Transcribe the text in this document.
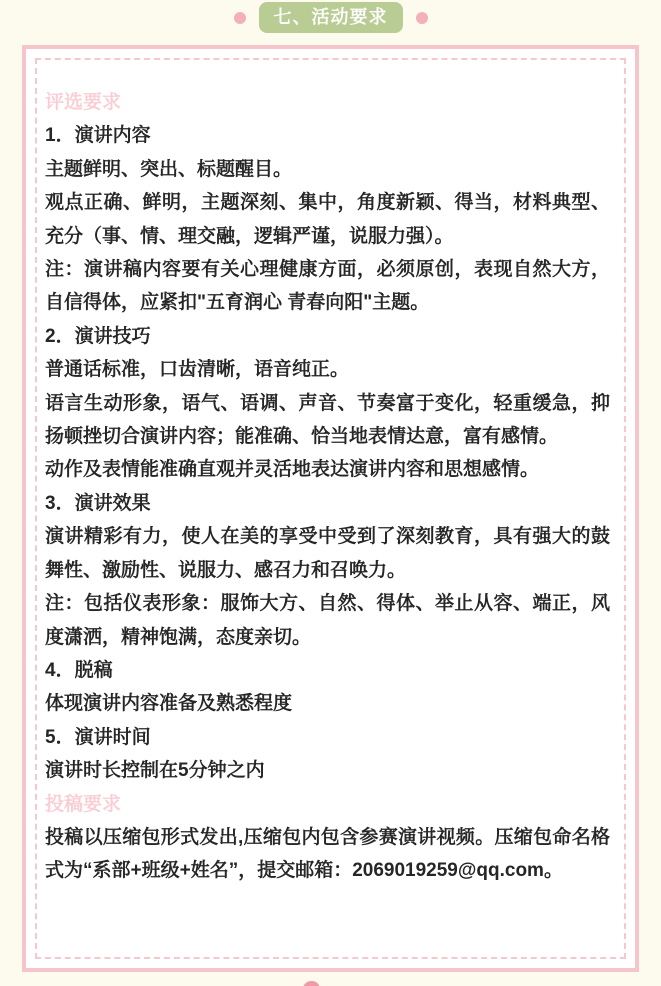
七、活动要求

评选要求

1．演讲内容

主题鲜明、突出、标题醒目。

观点正确、鲜明，主题深刻、集中，角度新颖、得当，材料典型、 充分（事、情、理交融，逻辑严谨，说服力强）。

注：演讲稿内容要有关心理健康方面，必须原创，表现自然大方，自信得体，应紧扣"五育润心 青春向阳"主题。

2．演讲技巧

普通话标准，口齿清晰，语音纯正。

语言生动形象，语气、语调、声音、节奏富于变化，轻重缓急，抑扬顿挫切合演讲内容；能准确、恰当地表情达意，富有感情。

动作及表情能准确直观并灵活地表达演讲内容和思想感情。

3．演讲效果

演讲精彩有力，使人在美的享受中受到了深刻教育，具有强大的鼓舞性、激励性、说服力、感召力和召唤力。

注：包括仪表形象：服饰大方、自然、得体、举止从容、端正，风度潇洒，精神饱满，态度亲切。

4．脱稿

体现演讲内容准备及熟悉程度

5．演讲时间

演讲时长控制在5分钟之内

投稿要求

投稿以压缩包形式发出,压缩包内包含参赛演讲视频。压缩包命名格式为“系部+班级+姓名”，提交邮箱：2069019259@qq.com。
